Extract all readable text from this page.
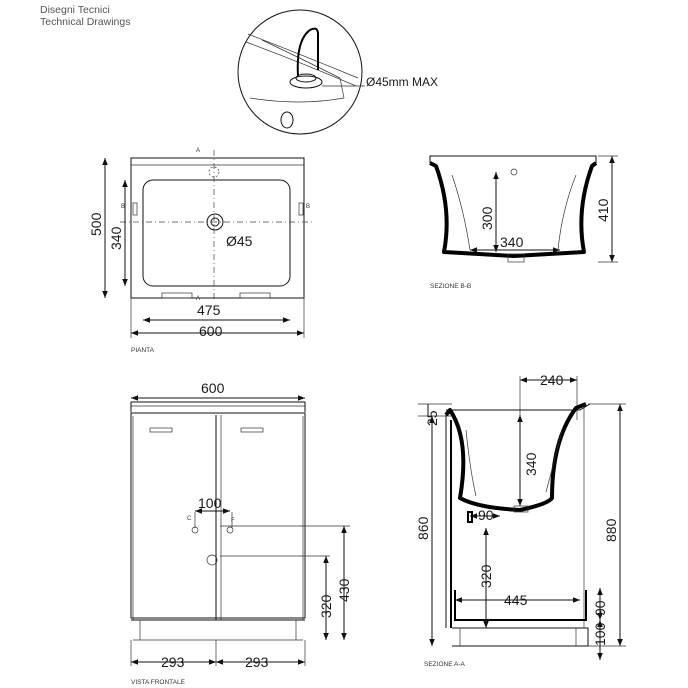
Disegni Tecnici
Technical Drawings
Ø45mm MAX
A
A
B	B
500
340
475
600
Ø45
PIANTA
300
340
410
SEZIONE B-B
600
C	F
100
430
320
293	293
VISTA FRONTALE
240
90
340
320
445
25
860	880
90
100
SEZIONE A-A
